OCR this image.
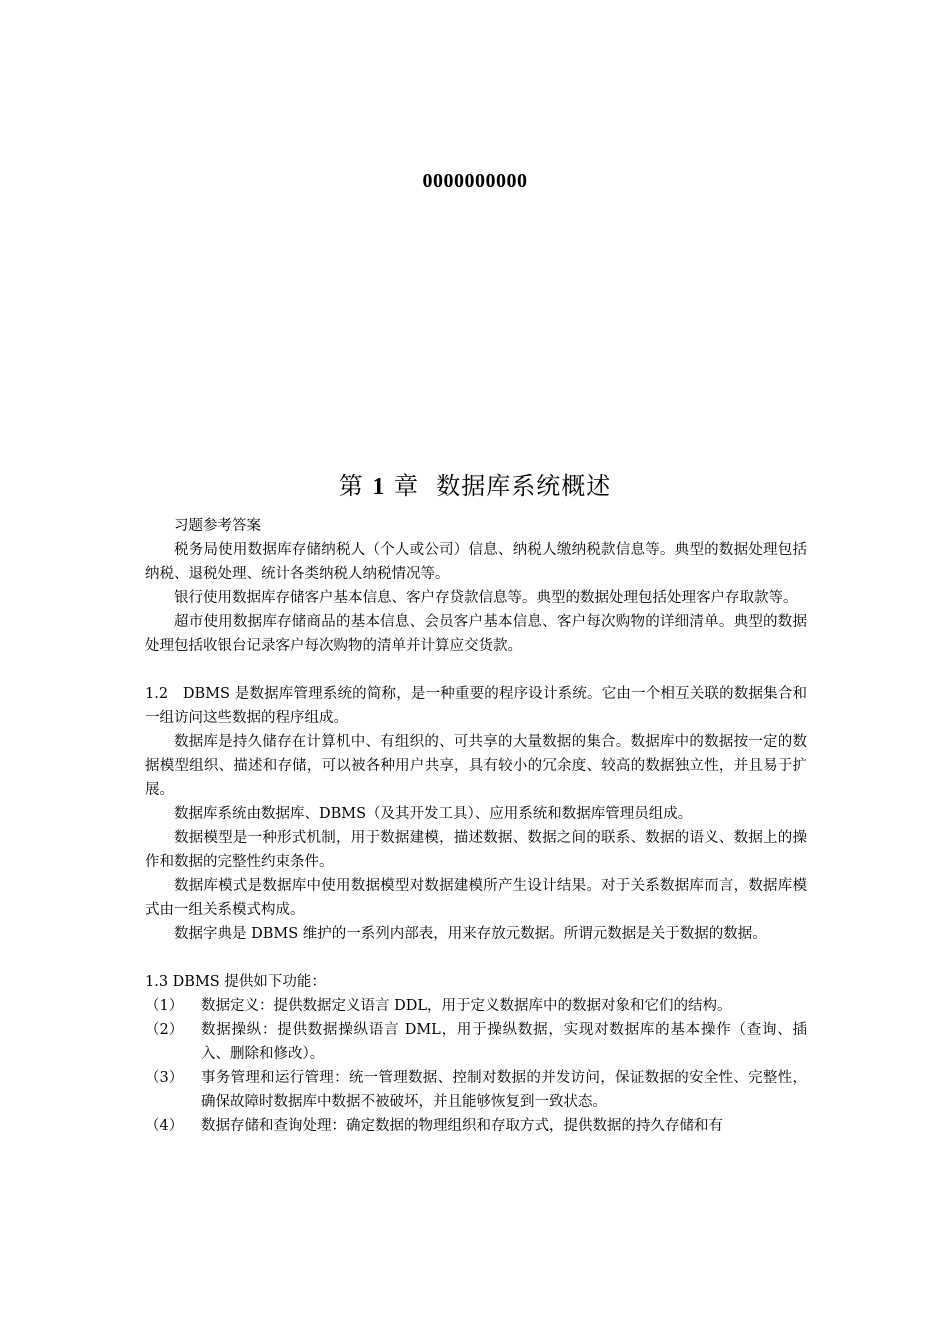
0000000000
第 1 章 数据库系统概述

习题参考答案

税务局使用数据库存储纳税人（个人或公司）信息、纳税人缴纳税款信息等。典型的数据处理包括纳税、退税处理、统计各类纳税人纳税情况等。

银行使用数据库存储客户基本信息、客户存贷款信息等。典型的数据处理包括处理客户存取款等。

超市使用数据库存储商品的基本信息、会员客户基本信息、客户每次购物的详细清单。典型的数据处理包括收银台记录客户每次购物的清单并计算应交货款。

1.2　DBMS 是数据库管理系统的简称，是一种重要的程序设计系统。它由一个相互关联的数据集合和一组访问这些数据的程序组成。

数据库是持久储存在计算机中、有组织的、可共享的大量数据的集合。数据库中的数据按一定的数据模型组织、描述和存储，可以被各种用户共享，具有较小的冗余度、较高的数据独立性，并且易于扩展。

数据库系统由数据库、DBMS（及其开发工具）、应用系统和数据库管理员组成。

数据模型是一种形式机制，用于数据建模，描述数据、数据之间的联系、数据的语义、数据上的操作和数据的完整性约束条件。

数据库模式是数据库中使用数据模型对数据建模所产生设计结果。对于关系数据库而言，数据库模式由一组关系模式构成。

数据字典是 DBMS 维护的一系列内部表，用来存放元数据。所谓元数据是关于数据的数据。

1.3 DBMS 提供如下功能：

（1）	数据定义：提供数据定义语言 DDL，用于定义数据库中的数据对象和它们的结构。
（2）	数据操纵：提供数据操纵语言 DML，用于操纵数据，实现对数据库的基本操作（查询、插入、删除和修改）。
（3）	事务管理和运行管理：统一管理数据、控制对数据的并发访问，保证数据的安全性、完整性，确保故障时数据库中数据不被破坏，并且能够恢复到一致状态。
（4）	数据存储和查询处理：确定数据的物理组织和存取方式，提供数据的持久存储和有
